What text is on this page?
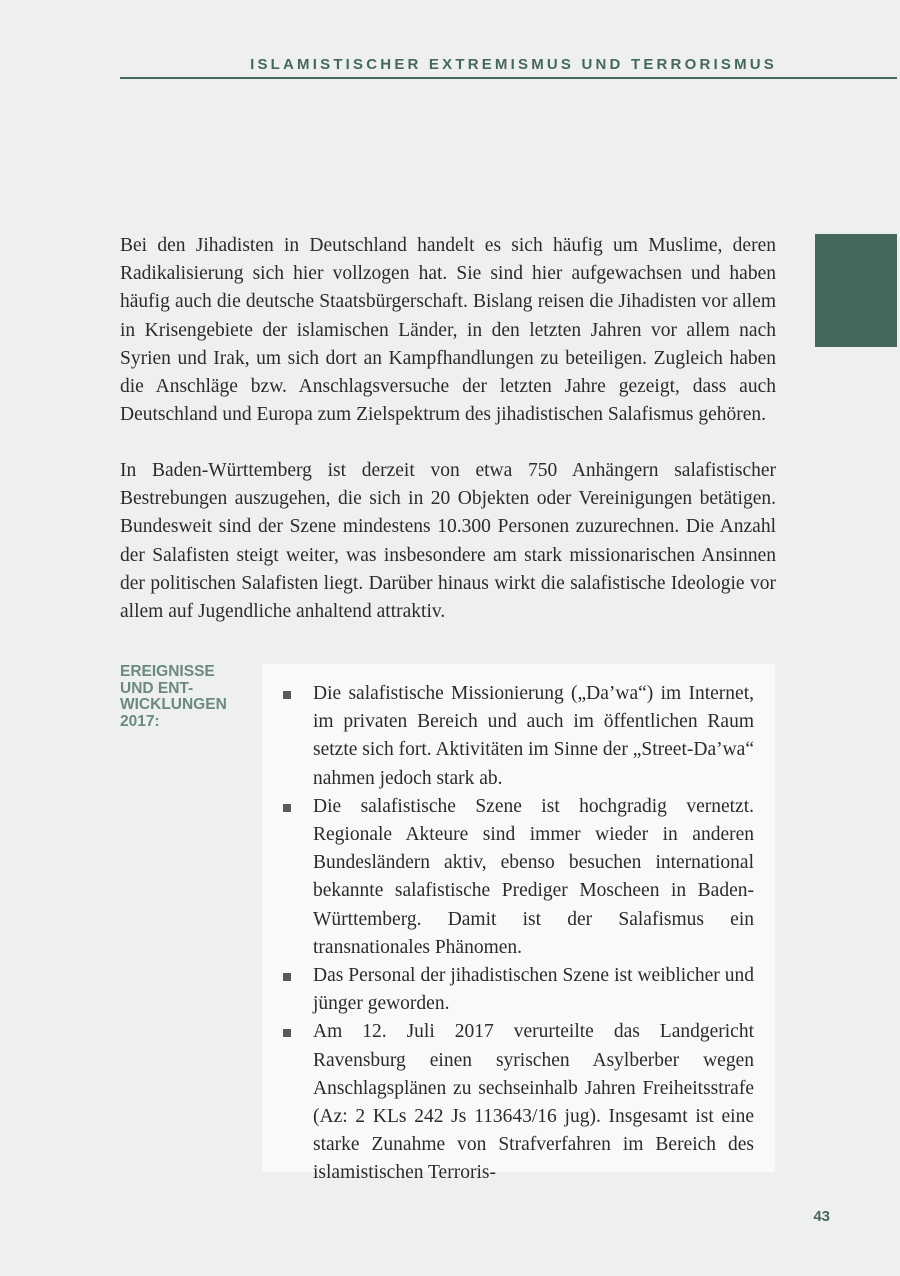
ISLAMISTISCHER EXTREMISMUS UND TERRORISMUS

Bei den Jihadisten in Deutschland handelt es sich häufig um Muslime, deren Radikalisierung sich hier vollzogen hat. Sie sind hier aufgewachsen und haben häufig auch die deutsche Staatsbürgerschaft. Bislang reisen die Jihadisten vor allem in Krisengebiete der islamischen Länder, in den letzten Jahren vor allem nach Syrien und Irak, um sich dort an Kampfhandlungen zu beteiligen. Zugleich haben die Anschläge bzw. Anschlagsversuche der letzten Jahre gezeigt, dass auch Deutschland und Europa zum Zielspektrum des jihadistischen Salafismus gehören.

In Baden-Württemberg ist derzeit von etwa 750 Anhängern salafistischer Bestrebungen auszugehen, die sich in 20 Objekten oder Vereinigungen betätigen. Bundesweit sind der Szene mindestens 10.300 Personen zuzurechnen. Die Anzahl der Salafisten steigt weiter, was insbesondere am stark missionarischen Ansinnen der politischen Salafisten liegt. Darüber hinaus wirkt die salafistische Ideologie vor allem auf Jugendliche anhaltend attraktiv.

EREIGNISSE
UND ENT-
WICKLUNGEN
2017:
Die salafistische Missionierung („Da’wa“) im Internet, im privaten Bereich und auch im öffentlichen Raum setzte sich fort. Aktivitäten im Sinne der „Street-Da’wa“ nahmen jedoch stark ab.
Die salafistische Szene ist hochgradig vernetzt. Regionale Akteure sind immer wieder in anderen Bundesländern aktiv, ebenso besuchen international bekannte salafistische Prediger Moscheen in Baden-Württemberg. Damit ist der Salafismus ein transnationales Phänomen.
Das Personal der jihadistischen Szene ist weiblicher und jünger geworden.
Am 12. Juli 2017 verurteilte das Landgericht Ravensburg einen syrischen Asylberber wegen Anschlagsplänen zu sechseinhalb Jahren Freiheitsstrafe (Az: 2 KLs 242 Js 113643/16 jug). Insgesamt ist eine starke Zunahme von Strafverfahren im Bereich des islamistischen Terroris-
43
